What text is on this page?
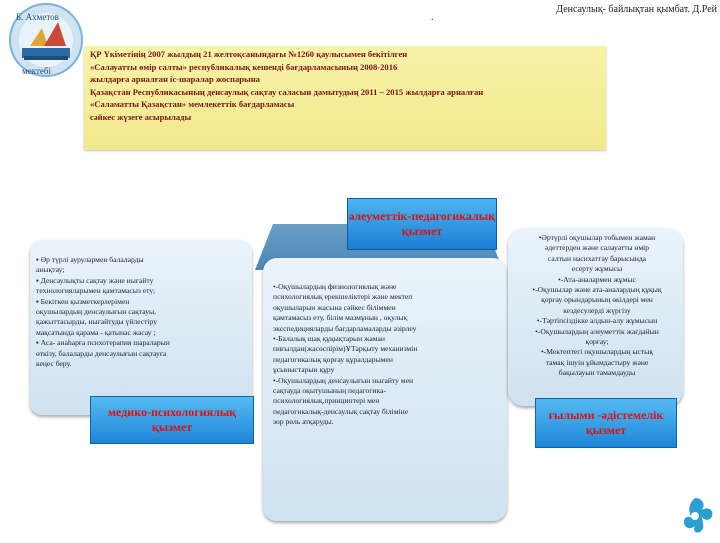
Б. Ахметов
мектебі
.
Денсаулық- байлықтан қымбат. Д.Рей
ҚР Үкіметінің 2007 жылдың 21 желтоқсанындағы №1260 қаулысымен бекітілген
«Салауатты өмір салты» республикалық кешенді бағдарламасының 2008-2016
жылдарға арналған іс-шаралар жоспарына
Қазақстан Республикасының денсаулық сақтау саласын дамытудың 2011 – 2015 жылдарға арналған
«Саламатты Қазақстан» мемлекеттік бағдарламасы
сәйкес жүзеге асырылады
әлеуметтік-педагогикалық қызмет
▪ Әр түрлі аурулармен балаларды
анықтау;
▪ Денсаулықты сақтау және нығайту
технологияларымен қамтамасыз ету;
▪ Бекіткен қызметкерлерімен
оқушылардың денсаулығын сақтауы,
қажыттасырды, нығайтуды үйлестіру
мақсатында қарама - қатынас жасау ;
▪ Аса- анаһарға психотерапия шараларын
өткізу, балаларды денсаулығын сақтауға
кеңес беру.
•-Оқушылардың физиологиялық және
психологиялық ерекшеліктері және мектеп
оқушыларын жасына сәйкес біліммен
қамтамасыз ету, білім мазмұнын , оқулық
эксспедицияларды бағдарламаларды әзірлеу
•-Балалық шақ құқықтарын жаман
пиғылдан(жасөспірім)ҰТарқыту механизмін
педагогикалық қорғау құралдарымен
ұсыныстарын құру
•-Оқушылардың денсаулығын нығайту мен
сақтауда оқытушының педагогика-
психологиялық,принциптері мен
педагогикалық-денсаулық сақтау біліміне
зор рөль атқаруды.
•Әртүрлі оқушылар тобымен жаман
әдеттерден және салауатты өмір
салтын насихаттау барысында
есерту жұмысы
•-Ата-аналармен жұмыс
•-Оқушылар және ата-аналардың құқық
қорғау орындарының өкілдері мен
кездесулерді жүргізу
•-Тәртіпсіздікке алдын-алу жұмысын
•-Оқушылардың әлеуметтік жағдайын
қорғау;
•-Мектептегі оқушылардың ыстық
тамақ ішуін ұйымдастыру және
бақылауын тамамдауды
медико-психологиялық қызмет
ғылыми -әдістемелік қызмет
